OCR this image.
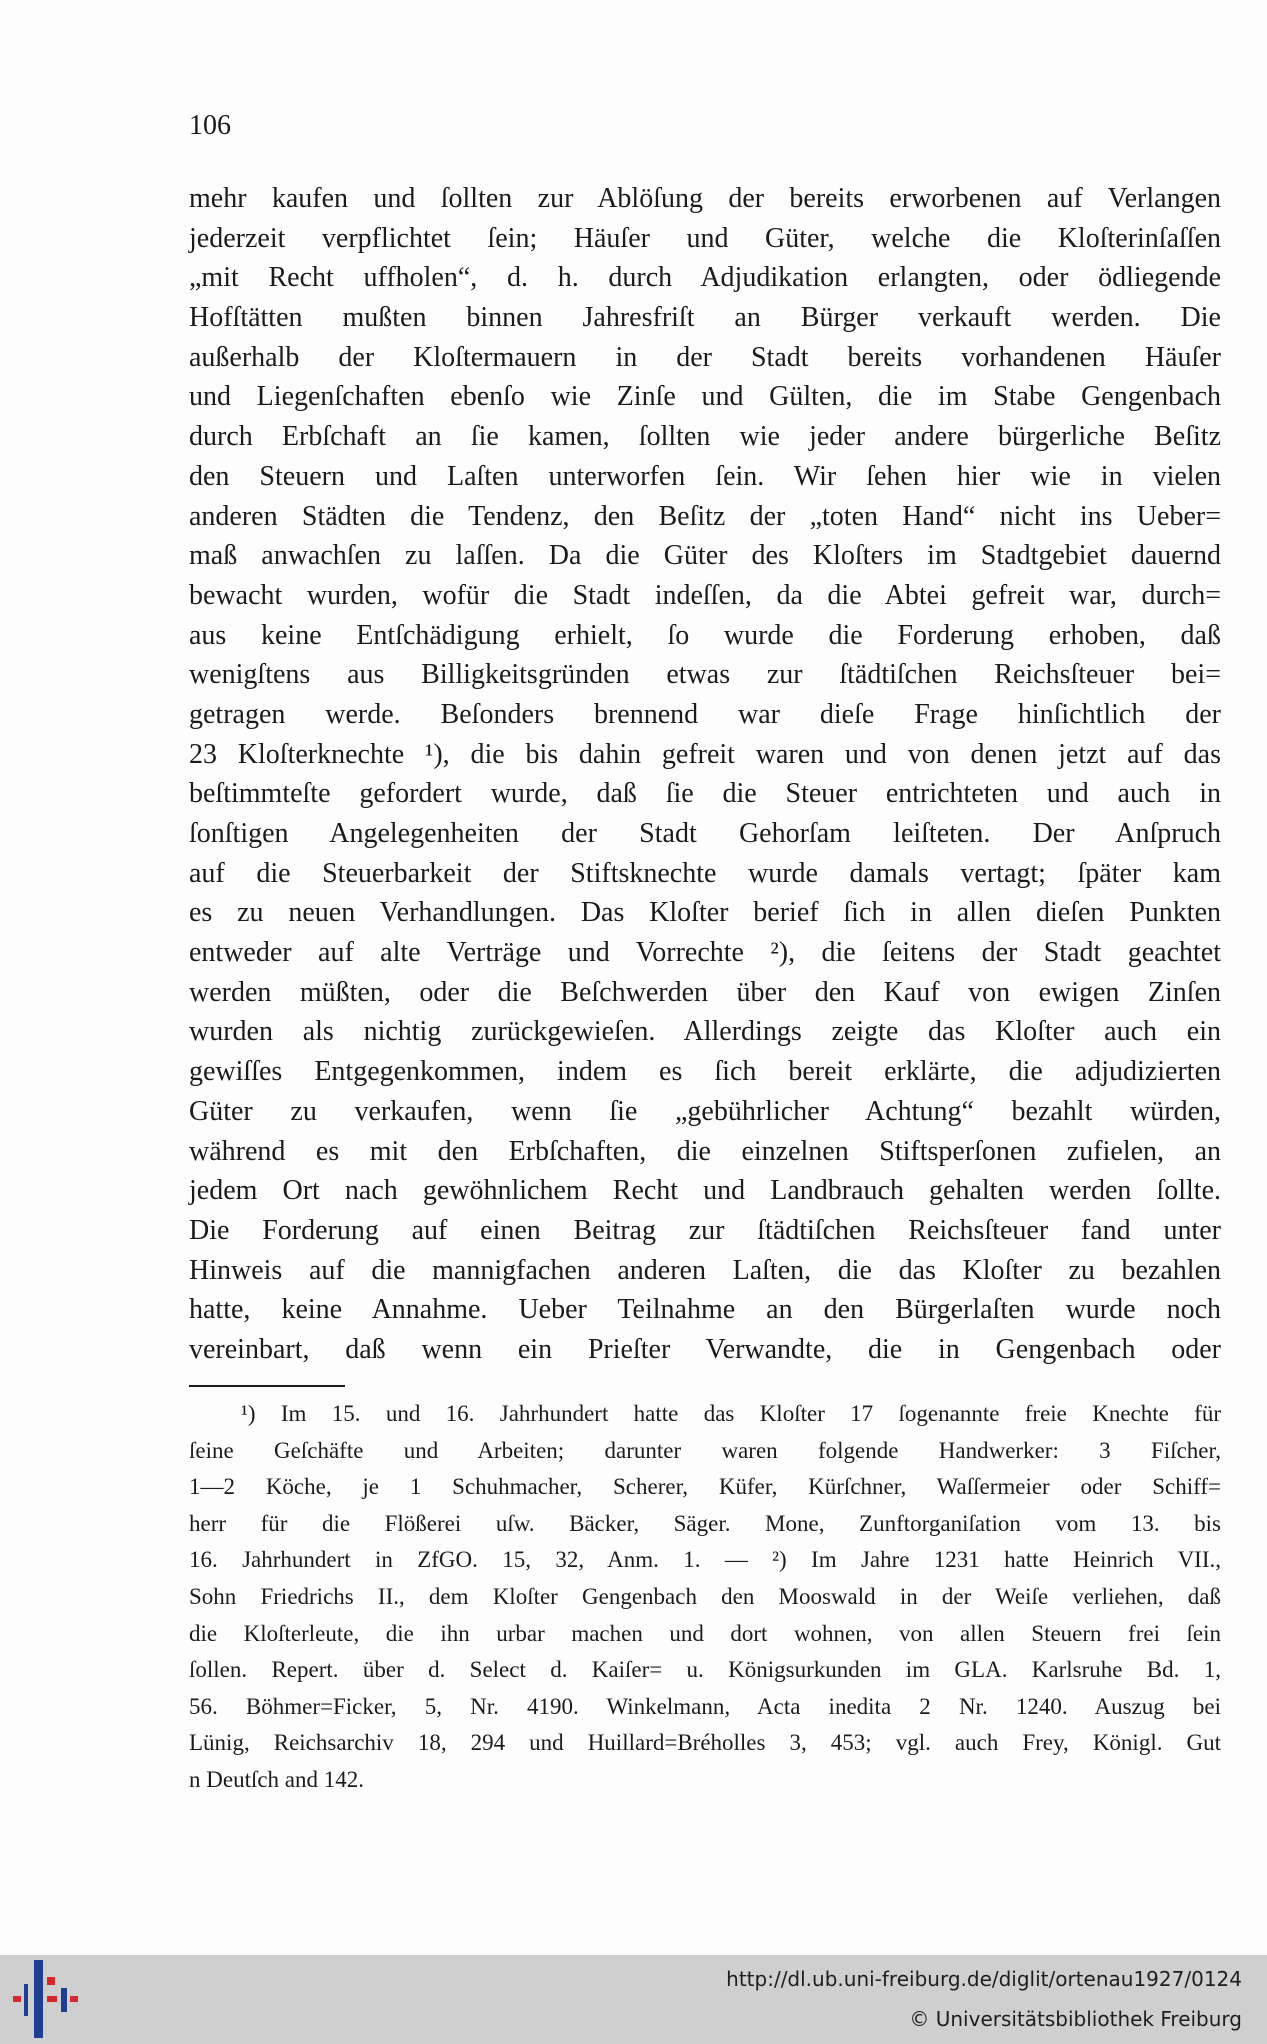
106
mehr kaufen und ſollten zur Ablöſung der bereits erworbenen auf Verlangen
jederzeit verpflichtet ſein; Häuſer und Güter, welche die Kloſterinſaſſen
„mit Recht uffholen“, d. h. durch Adjudikation erlangten, oder ödliegende
Hofſtätten mußten binnen Jahresfriſt an Bürger verkauft werden. Die
außerhalb der Kloſtermauern in der Stadt bereits vorhandenen Häuſer
und Liegenſchaften ebenſo wie Zinſe und Gülten, die im Stabe Gengenbach
durch Erbſchaft an ſie kamen, ſollten wie jeder andere bürgerliche Beſitz
den Steuern und Laſten unterworfen ſein. Wir ſehen hier wie in vielen
anderen Städten die Tendenz, den Beſitz der „toten Hand“ nicht ins Ueber=
maß anwachſen zu laſſen. Da die Güter des Kloſters im Stadtgebiet dauernd
bewacht wurden, wofür die Stadt indeſſen, da die Abtei gefreit war, durch=
aus keine Entſchädigung erhielt, ſo wurde die Forderung erhoben, daß
wenigſtens aus Billigkeitsgründen etwas zur ſtädtiſchen Reichsſteuer bei=
getragen werde. Beſonders brennend war dieſe Frage hinſichtlich der
23 Kloſterknechte ¹), die bis dahin gefreit waren und von denen jetzt auf das
beſtimmteſte gefordert wurde, daß ſie die Steuer entrichteten und auch in
ſonſtigen Angelegenheiten der Stadt Gehorſam leiſteten. Der Anſpruch
auf die Steuerbarkeit der Stiftsknechte wurde damals vertagt; ſpäter kam
es zu neuen Verhandlungen. Das Kloſter berief ſich in allen dieſen Punkten
entweder auf alte Verträge und Vorrechte ²), die ſeitens der Stadt geachtet
werden müßten, oder die Beſchwerden über den Kauf von ewigen Zinſen
wurden als nichtig zurückgewieſen. Allerdings zeigte das Kloſter auch ein
gewiſſes Entgegenkommen, indem es ſich bereit erklärte, die adjudizierten
Güter zu verkaufen, wenn ſie „gebührlicher Achtung“ bezahlt würden,
während es mit den Erbſchaften, die einzelnen Stiftsperſonen zufielen, an
jedem Ort nach gewöhnlichem Recht und Landbrauch gehalten werden ſollte.
Die Forderung auf einen Beitrag zur ſtädtiſchen Reichsſteuer fand unter
Hinweis auf die mannigfachen anderen Laſten, die das Kloſter zu bezahlen
hatte, keine Annahme. Ueber Teilnahme an den Bürgerlaſten wurde noch
vereinbart, daß wenn ein Prieſter Verwandte, die in Gengenbach oder
¹) Im 15. und 16. Jahrhundert hatte das Kloſter 17 ſogenannte freie Knechte für
ſeine Geſchäfte und Arbeiten; darunter waren folgende Handwerker: 3 Fiſcher,
1—2 Köche, je 1 Schuhmacher, Scherer, Küfer, Kürſchner, Waſſermeier oder Schiff=
herr für die Flößerei uſw. Bäcker, Säger. Mone, Zunftorganiſation vom 13. bis
16. Jahrhundert in ZfGO. 15, 32, Anm. 1. — ²) Im Jahre 1231 hatte Heinrich VII.,
Sohn Friedrichs II., dem Kloſter Gengenbach den Mooswald in der Weiſe verliehen, daß
die Kloſterleute, die ihn urbar machen und dort wohnen, von allen Steuern frei ſein
ſollen. Repert. über d. Select d. Kaiſer= u. Königsurkunden im GLA. Karlsruhe Bd. 1,
56. Böhmer=Ficker, 5, Nr. 4190. Winkelmann, Acta inedita 2 Nr. 1240. Auszug bei
Lünig, Reichsarchiv 18, 294 und Huillard=Bréholles 3, 453; vgl. auch Frey, Königl. Gut
n Deutſch and 142.
http://dl.ub.uni-freiburg.de/diglit/ortenau1927/0124
© Universitätsbibliothek Freiburg
